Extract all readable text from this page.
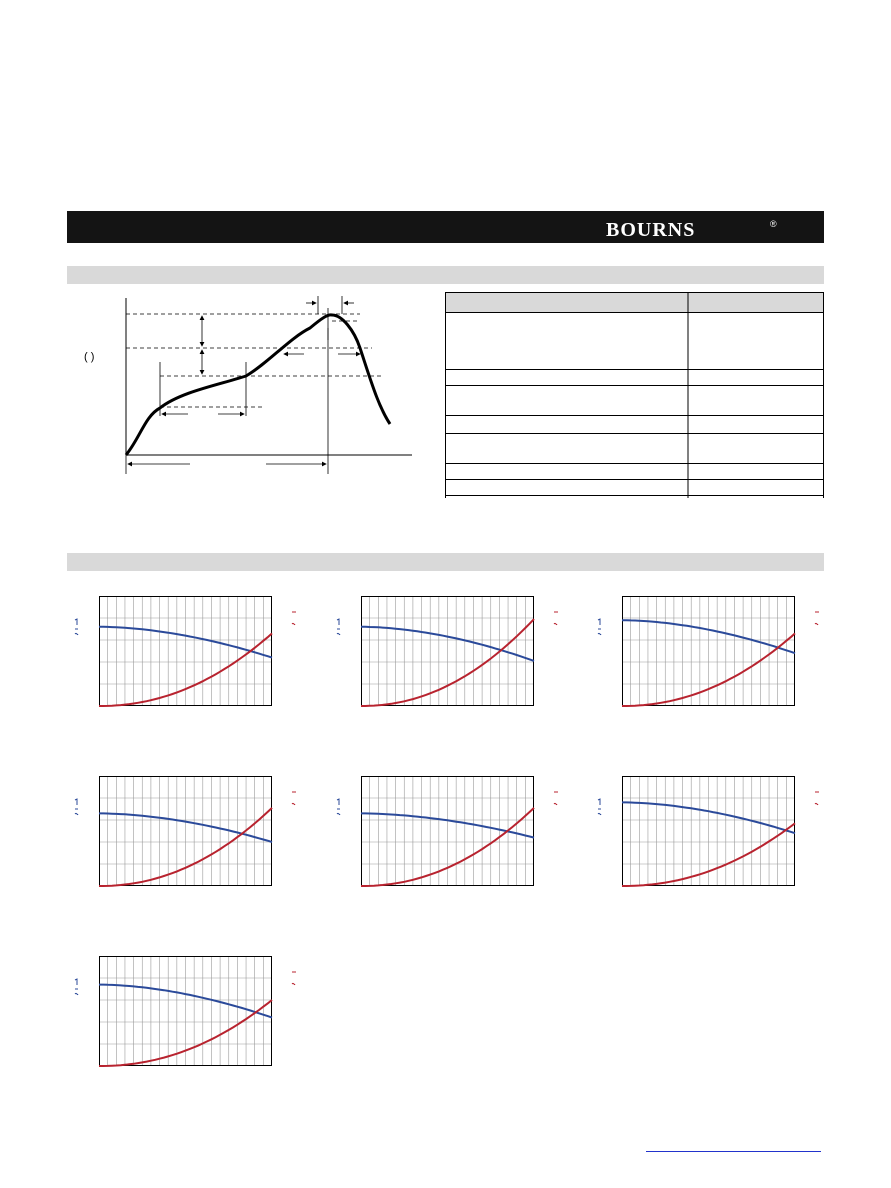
BOURNS	®
( )
